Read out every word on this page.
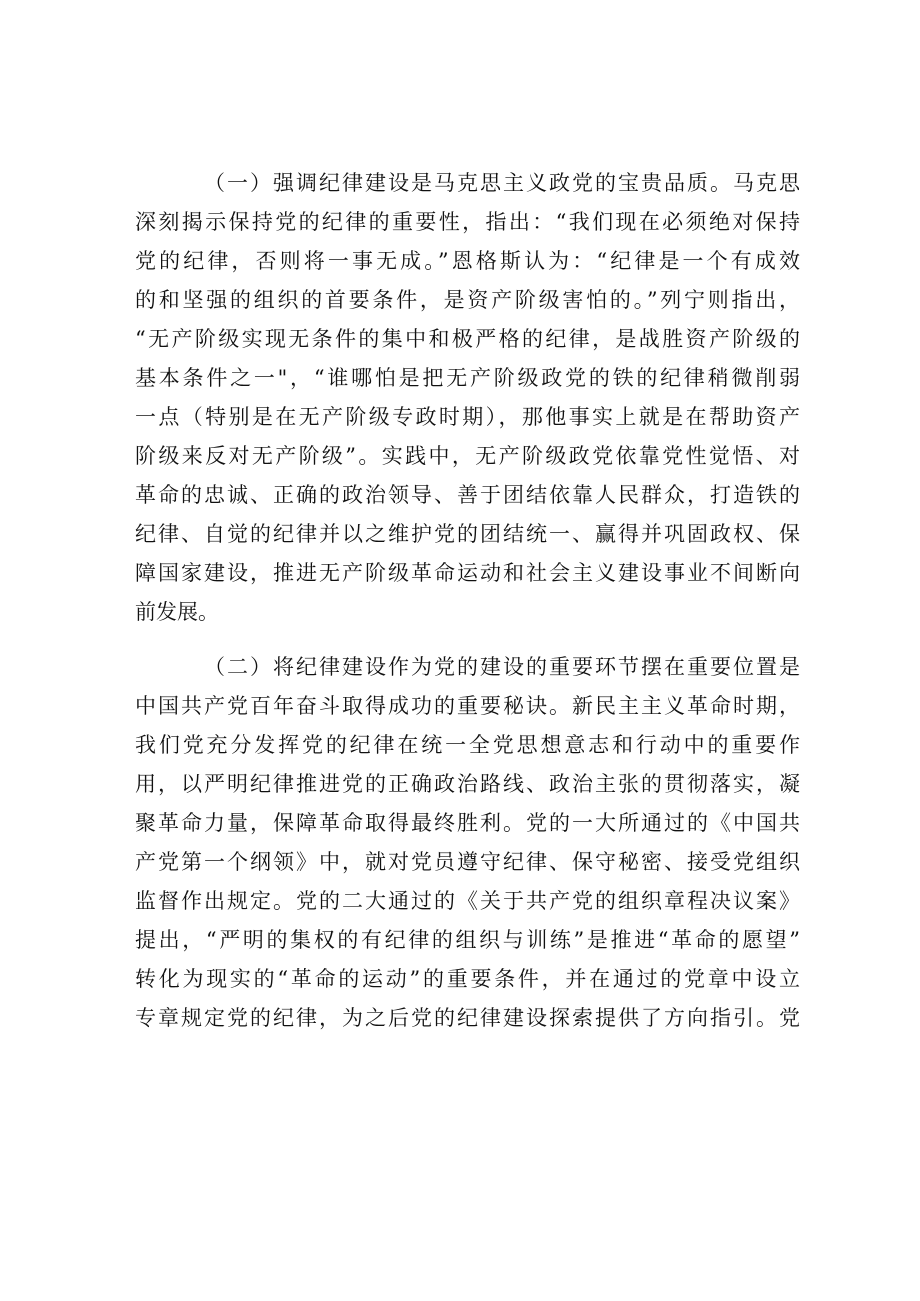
（一）强调纪律建设是马克思主义政党的宝贵品质。马克思
深刻揭示保持党的纪律的重要性，指出：“我们现在必须绝对保持
党的纪律，否则将一事无成。”恩格斯认为：“纪律是一个有成效
的和坚强的组织的首要条件，是资产阶级害怕的。”列宁则指出，
“无产阶级实现无条件的集中和极严格的纪律，是战胜资产阶级的
基本条件之一"，“谁哪怕是把无产阶级政党的铁的纪律稍微削弱
一点（特别是在无产阶级专政时期），那他事实上就是在帮助资产
阶级来反对无产阶级”。实践中，无产阶级政党依靠党性觉悟、对
革命的忠诚、正确的政治领导、善于团结依靠人民群众，打造铁的
纪律、自觉的纪律并以之维护党的团结统一、赢得并巩固政权、保
障国家建设，推进无产阶级革命运动和社会主义建设事业不间断向
前发展。
（二）将纪律建设作为党的建设的重要环节摆在重要位置是
中国共产党百年奋斗取得成功的重要秘诀。新民主主义革命时期，
我们党充分发挥党的纪律在统一全党思想意志和行动中的重要作
用，以严明纪律推进党的正确政治路线、政治主张的贯彻落实，凝
聚革命力量，保障革命取得最终胜利。党的一大所通过的《中国共
产党第一个纲领》中，就对党员遵守纪律、保守秘密、接受党组织
监督作出规定。党的二大通过的《关于共产党的组织章程决议案》
提出，“严明的集权的有纪律的组织与训练”是推进“革命的愿望”
转化为现实的“革命的运动”的重要条件，并在通过的党章中设立
专章规定党的纪律，为之后党的纪律建设探索提供了方向指引。党
